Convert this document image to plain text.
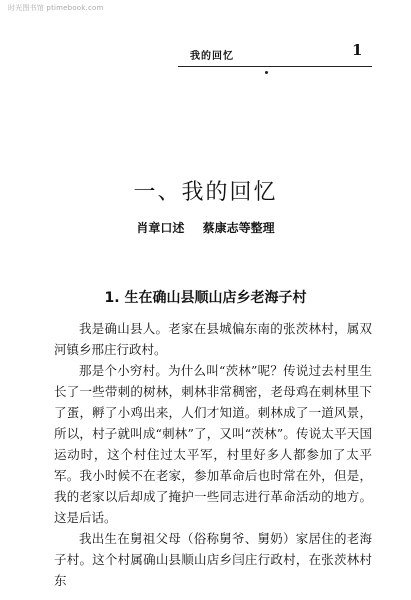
时光图书馆 ptimebook.com
我的回忆	1
一、我的回忆
肖章口述 蔡康志等整理
1. 生在确山县顺山店乡老海子村

我是确山县人。老家在县城偏东南的张茨林村，属双河镇乡邢庄行政村。

那是个小穷村。为什么叫“茨林”呢？传说过去村里生长了一些带刺的树林，刺林非常稠密，老母鸡在刺林里下了蛋，孵了小鸡出来，人们才知道。刺林成了一道风景，所以，村子就叫成“刺林”了，又叫“茨林”。传说太平天国运动时，这个村住过太平军，村里好多人都参加了太平军。我小时候不在老家，参加革命后也时常在外，但是，我的老家以后却成了掩护一些同志进行革命活动的地方。这是后话。

我出生在舅祖父母（俗称舅爷、舅奶）家居住的老海子村。这个村属确山县顺山店乡闫庄行政村，在张茨林村东
